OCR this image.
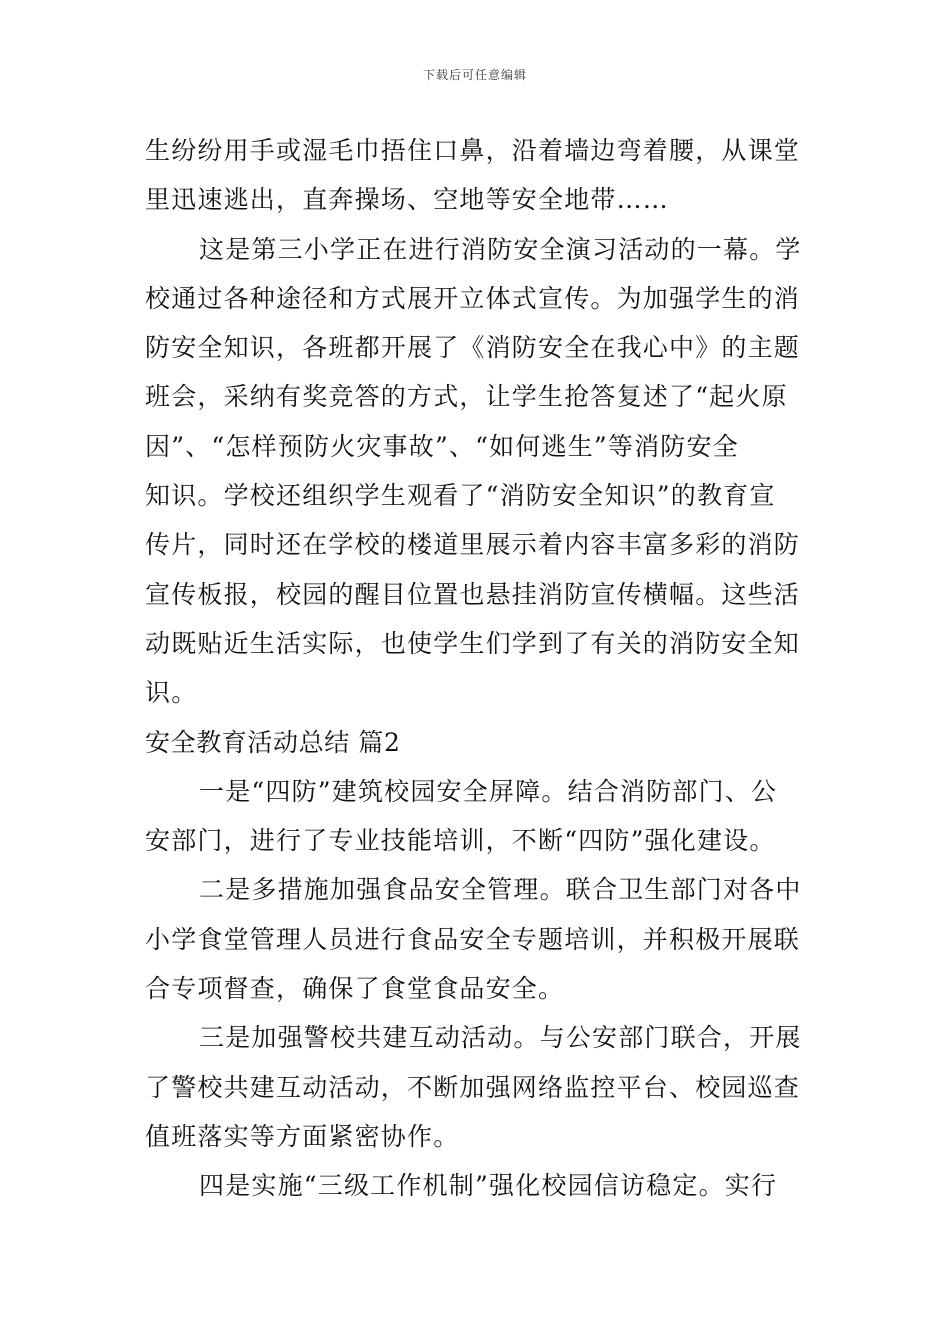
下载后可任意编辑
生纷纷用手或湿毛巾捂住口鼻，沿着墙边弯着腰，从课堂
里迅速逃出，直奔操场、空地等安全地带……
这是第三小学正在进行消防安全演习活动的一幕。学
校通过各种途径和方式展开立体式宣传。为加强学生的消
防安全知识，各班都开展了《消防安全在我心中》的主题
班会，采纳有奖竞答的方式，让学生抢答复述了“起火原
因”、“怎样预防火灾事故”、“如何逃生”等消防安全
知识。学校还组织学生观看了“消防安全知识”的教育宣
传片，同时还在学校的楼道里展示着内容丰富多彩的消防
宣传板报，校园的醒目位置也悬挂消防宣传横幅。这些活
动既贴近生活实际，也使学生们学到了有关的消防安全知
识。
安全教育活动总结 篇2
一是“四防”建筑校园安全屏障。结合消防部门、公
安部门，进行了专业技能培训，不断“四防”强化建设。
二是多措施加强食品安全管理。联合卫生部门对各中
小学食堂管理人员进行食品安全专题培训，并积极开展联
合专项督查，确保了食堂食品安全。
三是加强警校共建互动活动。与公安部门联合，开展
了警校共建互动活动，不断加强网络监控平台、校园巡查
值班落实等方面紧密协作。
四是实施“三级工作机制”强化校园信访稳定。实行
